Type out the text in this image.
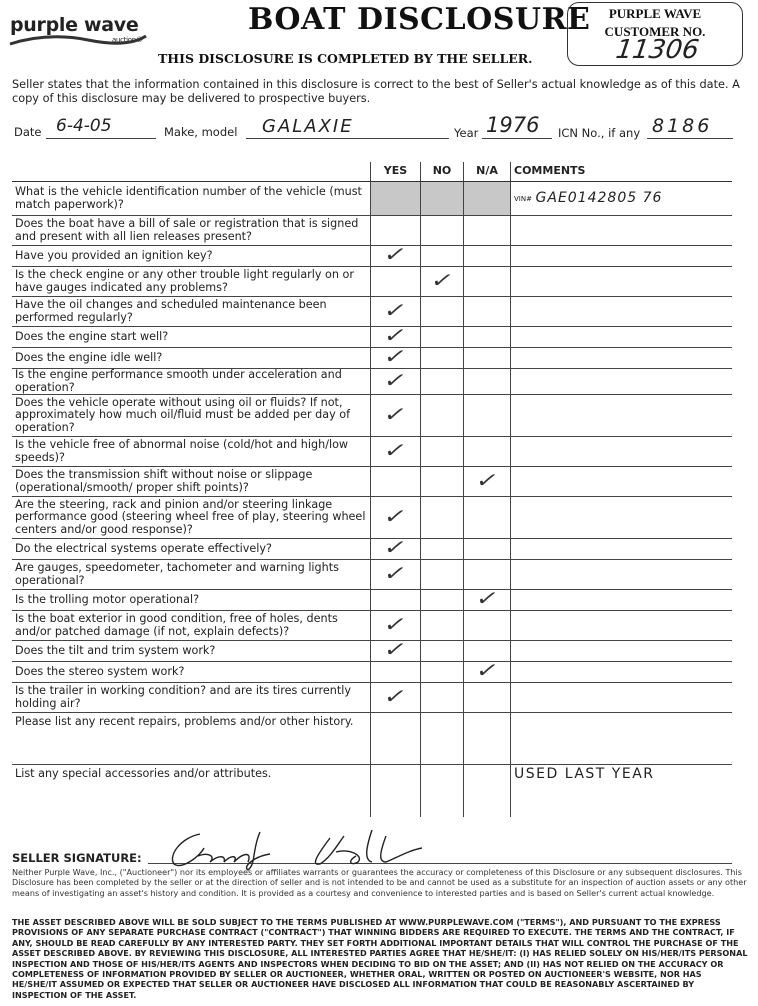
purple wave

auction®
BOAT DISCLOSURE
THIS DISCLOSURE IS COMPLETED BY THE SELLER.
PURPLE WAVE
CUSTOMER NO.
11306
Seller states that the information contained in this disclosure is correct to the best of Seller's actual knowledge as of this date. A copy of this disclosure may be delivered to prospective buyers.
Date 6-4-05	Make, model GALAXIE	Year 1976 ICN No., if any 8186
	YES	NO	N/A	COMMENTS
What is the vehicle identification number of the vehicle (must match paperwork)?				VIN# GAE0142805 76
Does the boat have a bill of sale or registration that is signed and present with all lien releases present?				
Have you provided an ignition key?	✓			
Is the check engine or any other trouble light regularly on or have gauges indicated any problems?		✓		
Have the oil changes and scheduled maintenance been performed regularly?	✓			
Does the engine start well?	✓			
Does the engine idle well?	✓			
Is the engine performance smooth under acceleration and operation?	✓			
Does the vehicle operate without using oil or fluids? If not, approximately how much oil/fluid must be added per day of operation?	✓			
Is the vehicle free of abnormal noise (cold/hot and high/low speeds)?	✓			
Does the transmission shift without noise or slippage (operational/smooth/ proper shift points)?			✓	
Are the steering, rack and pinion and/or steering linkage performance good (steering wheel free of play, steering wheel centers and/or good response)?	✓			
Do the electrical systems operate effectively?	✓			
Are gauges, speedometer, tachometer and warning lights operational?	✓			
Is the trolling motor operational?			✓	
Is the boat exterior in good condition, free of holes, dents and/or patched damage (if not, explain defects)?	✓			
Does the tilt and trim system work?	✓			
Does the stereo system work?			✓	
Is the trailer in working condition? and are its tires currently holding air?	✓			
Please list any recent repairs, problems and/or other history.				
List any special accessories and/or attributes.				USED LAST YEAR
SELLER SIGNATURE:
Neither Purple Wave, Inc., ("Auctioneer") nor its employees or affiliates warrants or guarantees the accuracy or completeness of this Disclosure or any subsequent disclosures. This Disclosure has been completed by the seller or at the direction of seller and is not intended to be and cannot be used as a substitute for an inspection of auction assets or any other means of investigating an asset's history and condition. It is provided as a courtesy and convenience to interested parties and is based on Seller's current actual knowledge.
THE ASSET DESCRIBED ABOVE WILL BE SOLD SUBJECT TO THE TERMS PUBLISHED AT WWW.PURPLEWAVE.COM ("TERMS"), AND PURSUANT TO THE EXPRESS PROVISIONS OF ANY SEPARATE PURCHASE CONTRACT ("CONTRACT") THAT WINNING BIDDERS ARE REQUIRED TO EXECUTE. THE TERMS AND THE CONTRACT, IF ANY, SHOULD BE READ CAREFULLY BY ANY INTERESTED PARTY. THEY SET FORTH ADDITIONAL IMPORTANT DETAILS THAT WILL CONTROL THE PURCHASE OF THE ASSET DESCRIBED ABOVE. BY REVIEWING THIS DISCLOSURE, ALL INTERESTED PARTIES AGREE THAT HE/SHE/IT: (I) HAS RELIED SOLELY ON HIS/HER/ITS PERSONAL INSPECTION AND THOSE OF HIS/HER/ITS AGENTS AND INSPECTORS WHEN DECIDING TO BID ON THE ASSET; AND (II) HAS NOT RELIED ON THE ACCURACY OR COMPLETENESS OF INFORMATION PROVIDED BY SELLER OR AUCTIONEER, WHETHER ORAL, WRITTEN OR POSTED ON AUCTIONEER'S WEBSITE, NOR HAS HE/SHE/IT ASSUMED OR EXPECTED THAT SELLER OR AUCTIONEER HAVE DISCLOSED ALL INFORMATION THAT COULD BE REASONABLY ASCERTAINED BY INSPECTION OF THE ASSET.
